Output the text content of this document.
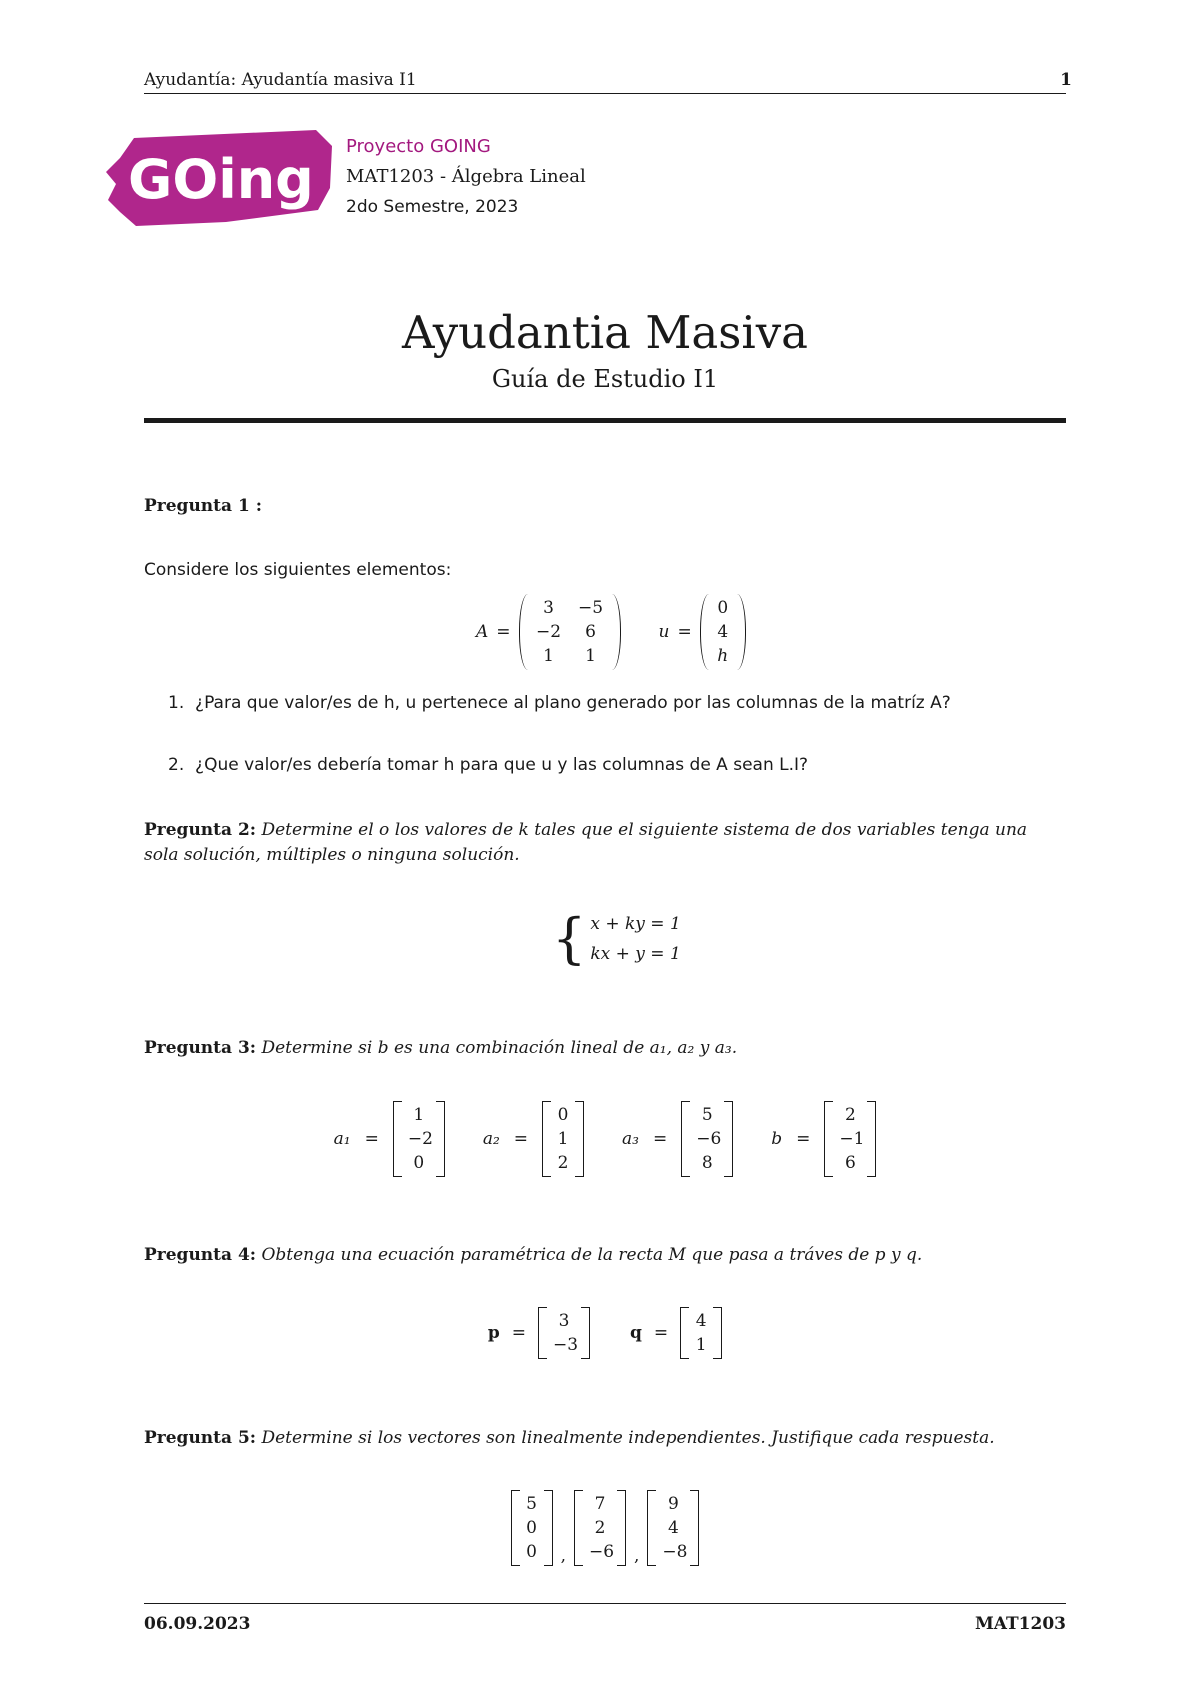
Ayudantía: Ayudantía masiva I1	1
GOing
Proyecto GOING
MAT1203 - Álgebra Lineal
2do Semestre, 2023
Ayudantia Masiva
Guía de Estudio I1
Pregunta 1 :
Considere los siguientes elementos:
A =
3
−2
1
−5
6
1
u =
0
4
h
1. ¿Para que valor/es de h, u pertenece al plano generado por las columnas de la matríz A?
2. ¿Que valor/es debería tomar h para que u y las columnas de A sean L.I?
Pregunta 2: Determine el o los valores de k tales que el siguiente sistema de dos variables tenga una sola solución, múltiples o ninguna solución.
{ x + ky = 1
kx + y = 1
Pregunta 3: Determine si b es una combinación lineal de a₁, a₂ y a₃.
a₁ =
1
−2
0
a₂ =
0
1
2
a₃ =
5
−6
8
b =
2
−1
6
Pregunta 4: Obtenga una ecuación paramétrica de la recta M que pasa a tráves de p y q.
p =
3
−3
q =
4
1
Pregunta 5: Determine si los vectores son linealmente independientes. Justifique cada respuesta.
5
0
0 ,
7
2
−6 ,
9
4
−8
06.09.2023	MAT1203
